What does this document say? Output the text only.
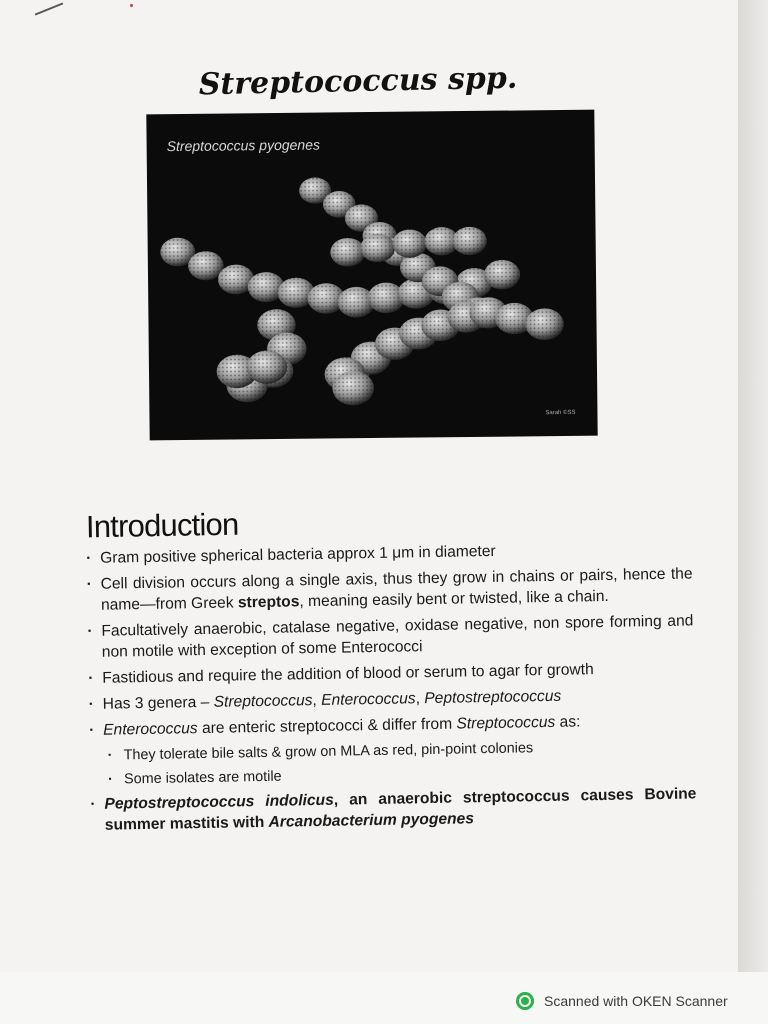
Streptococcus spp.
Streptococcus pyogenes
Sarah ©SS
Introduction
· Gram positive spherical bacteria approx 1 μm in diameter
· Cell division occurs along a single axis, thus they grow in chains or pairs, hence the name—from Greek streptos, meaning easily bent or twisted, like a chain.
· Facultatively anaerobic, catalase negative, oxidase negative, non spore forming and non motile with exception of some Enterococci
· Fastidious and require the addition of blood or serum to agar for growth
· Has 3 genera – Streptococcus, Enterococcus, Peptostreptococcus
· Enterococcus are enteric streptococci & differ from Streptococcus as:
· They tolerate bile salts & grow on MLA as red, pin-point colonies
· Some isolates are motile
· Peptostreptococcus indolicus, an anaerobic streptococcus causes Bovine summer mastitis with Arcanobacterium pyogenes
Scanned with OKEN Scanner
